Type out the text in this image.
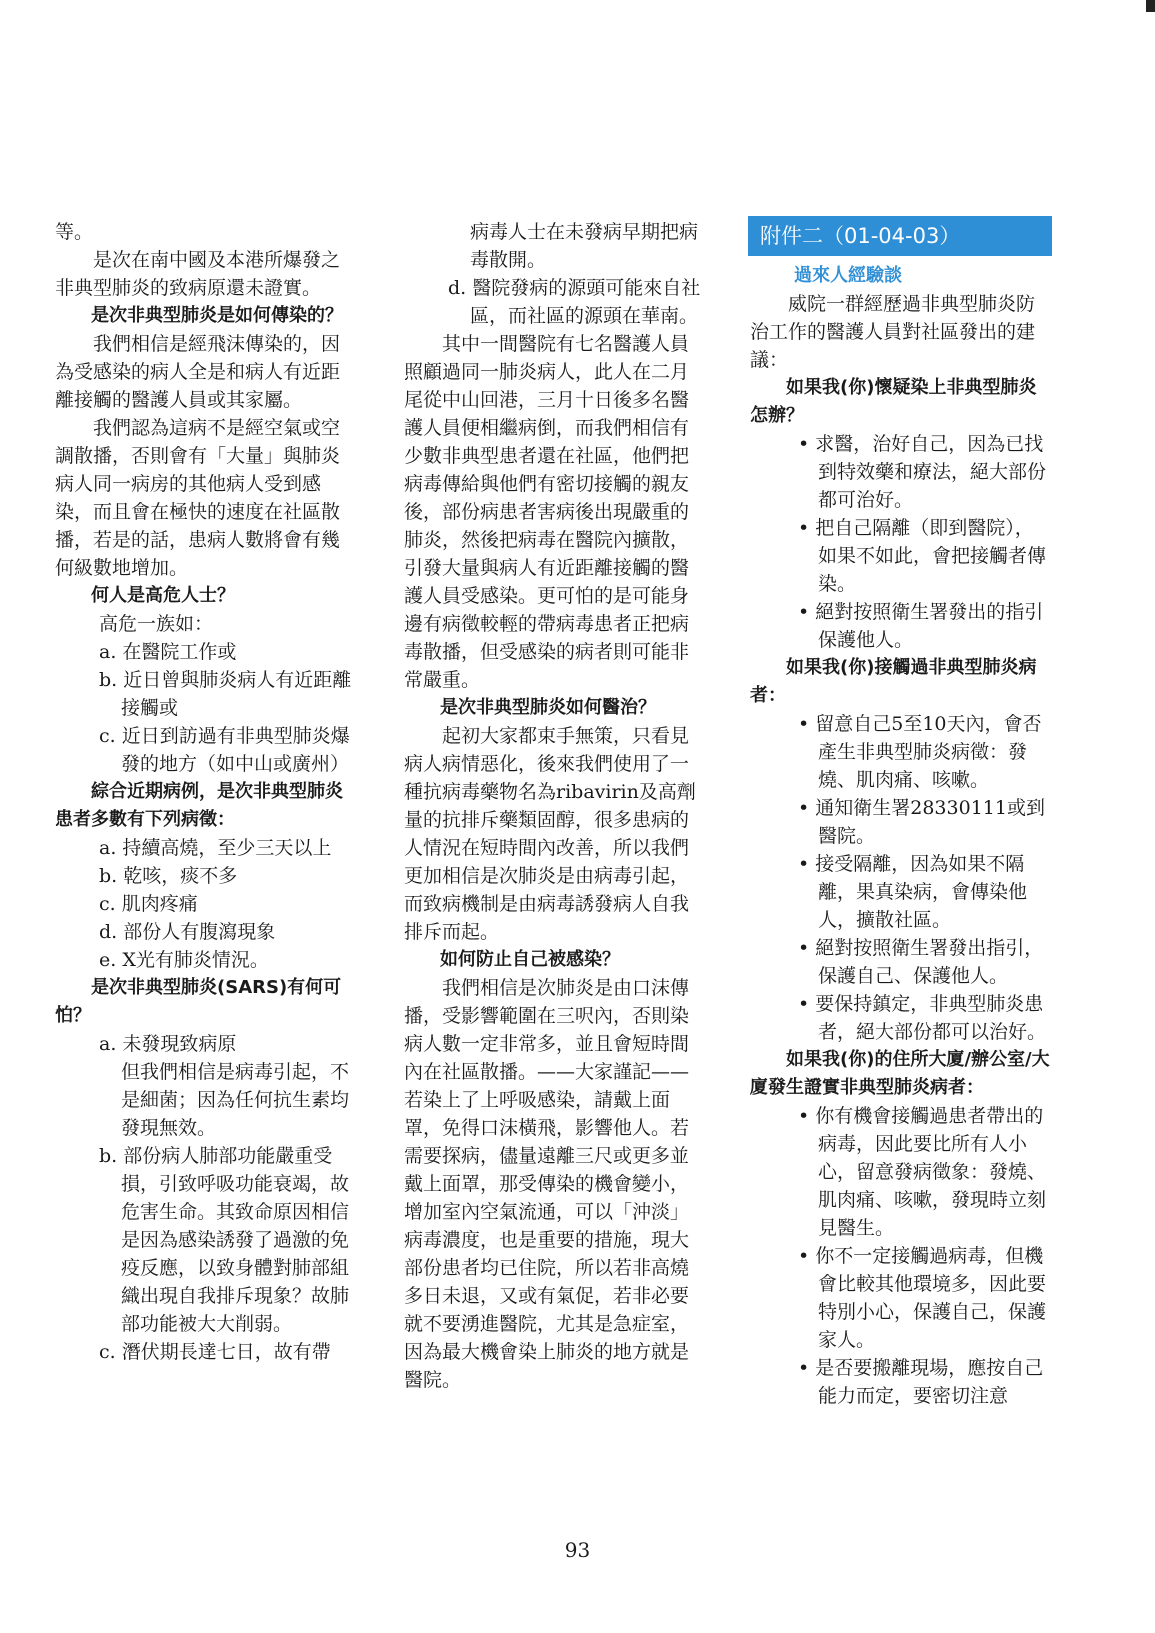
等。

是次在南中國及本港所爆發之非典型肺炎的致病原還未證實。

是次非典型肺炎是如何傳染的？

我們相信是經飛沫傳染的，因為受感染的病人全是和病人有近距離接觸的醫護人員或其家屬。

我們認為這病不是經空氣或空調散播，否則會有「大量」與肺炎病人同一病房的其他病人受到感染，而且會在極快的速度在社區散播，若是的話，患病人數將會有幾何級數地增加。

何人是高危人士？

高危一族如：

a. 在醫院工作或

b. 近日曾與肺炎病人有近距離接觸或

c. 近日到訪過有非典型肺炎爆發的地方（如中山或廣州）

綜合近期病例，是次非典型肺炎患者多數有下列病徵：

a. 持續高燒，至少三天以上

b. 乾咳，痰不多

c. 肌肉疼痛

d. 部份人有腹瀉現象

e. X光有肺炎情況。

是次非典型肺炎(SARS)有何可怕？

a. 未發現致病原

但我們相信是病毒引起，不是細菌；因為任何抗生素均發現無效。

b. 部份病人肺部功能嚴重受損，引致呼吸功能衰竭，故危害生命。其致命原因相信是因為感染誘發了過激的免疫反應，以致身體對肺部組織出現自我排斥現象？故肺部功能被大大削弱。

c. 潛伏期長達七日，故有帶

病毒人士在未發病早期把病毒散開。

d. 醫院發病的源頭可能來自社區，而社區的源頭在華南。

其中一間醫院有七名醫護人員照顧過同一肺炎病人，此人在二月尾從中山回港，三月十日後多名醫護人員便相繼病倒，而我們相信有少數非典型患者還在社區，他們把病毒傳給與他們有密切接觸的親友後，部份病患者害病後出現嚴重的肺炎，然後把病毒在醫院內擴散，引發大量與病人有近距離接觸的醫護人員受感染。更可怕的是可能身邊有病徵較輕的帶病毒患者正把病毒散播，但受感染的病者則可能非常嚴重。

是次非典型肺炎如何醫治？

起初大家都束手無策，只看見病人病情惡化，後來我們使用了一種抗病毒藥物名為ribavirin及高劑量的抗排斥藥類固醇，很多患病的人情況在短時間內改善，所以我們更加相信是次肺炎是由病毒引起，而致病機制是由病毒誘發病人自我排斥而起。

如何防止自己被感染？

我們相信是次肺炎是由口沫傳播，受影響範圍在三呎內，否則染病人數一定非常多，並且會短時間內在社區散播。——大家謹記——若染上了上呼吸感染，請戴上面罩，免得口沫橫飛，影響他人。若需要探病，儘量遠離三尺或更多並戴上面罩，那受傳染的機會變小，增加室內空氣流通，可以「沖淡」病毒濃度，也是重要的措施，現大部份患者均已住院，所以若非高燒多日未退，又或有氣促，若非必要就不要湧進醫院，尤其是急症室，因為最大機會染上肺炎的地方就是醫院。

附件二（01-04-03）

過來人經驗談

威院一群經歷過非典型肺炎防治工作的醫護人員對社區發出的建議：

如果我(你)懷疑染上非典型肺炎怎辦？

• 求醫，治好自己，因為已找到特效藥和療法，絕大部份都可治好。

• 把自己隔離（即到醫院），如果不如此，會把接觸者傳染。

• 絕對按照衛生署發出的指引保護他人。

如果我(你)接觸過非典型肺炎病者：

• 留意自己5至10天內，會否產生非典型肺炎病徵：發燒、肌肉痛、咳嗽。

• 通知衛生署28330111或到醫院。

• 接受隔離，因為如果不隔離，果真染病，會傳染他人，擴散社區。

• 絕對按照衛生署發出指引，保護自己、保護他人。

• 要保持鎮定，非典型肺炎患者，絕大部份都可以治好。

如果我(你)的住所大廈/辦公室/大廈發生證實非典型肺炎病者：

• 你有機會接觸過患者帶出的病毒，因此要比所有人小心，留意發病徵象：發燒、肌肉痛、咳嗽，發現時立刻見醫生。

• 你不一定接觸過病毒，但機會比較其他環境多，因此要特別小心，保護自己，保護家人。

• 是否要搬離現場，應按自己能力而定，要密切注意

93
